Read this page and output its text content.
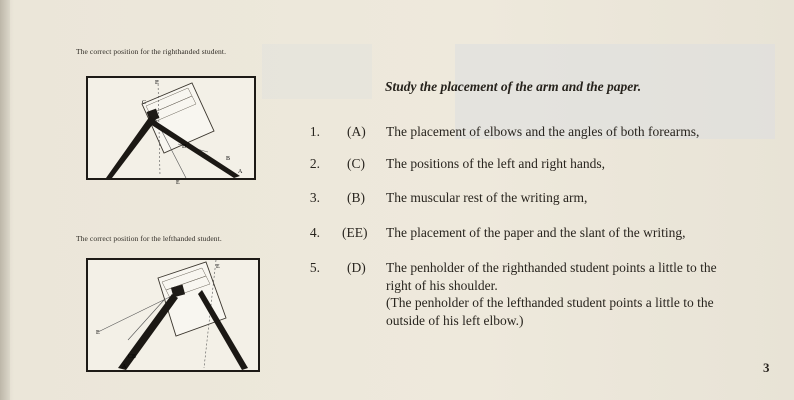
The correct position for the righthanded student.
E
C
D
B
A
E
The correct position for the lefthanded student.
E
CB
A
E
Study the placement of the arm and the paper.
1. (A) The placement of elbows and the angles of both forearms,
2. (C) The positions of the left and right hands,
3. (B) The muscular rest of the writing arm,
4. (EE) The placement of the paper and the slant of the writing,
5. (D) The penholder of the righthanded student points a little to the
right of his shoulder.
(The penholder of the lefthanded student points a little to the
outside of his left elbow.)
3
